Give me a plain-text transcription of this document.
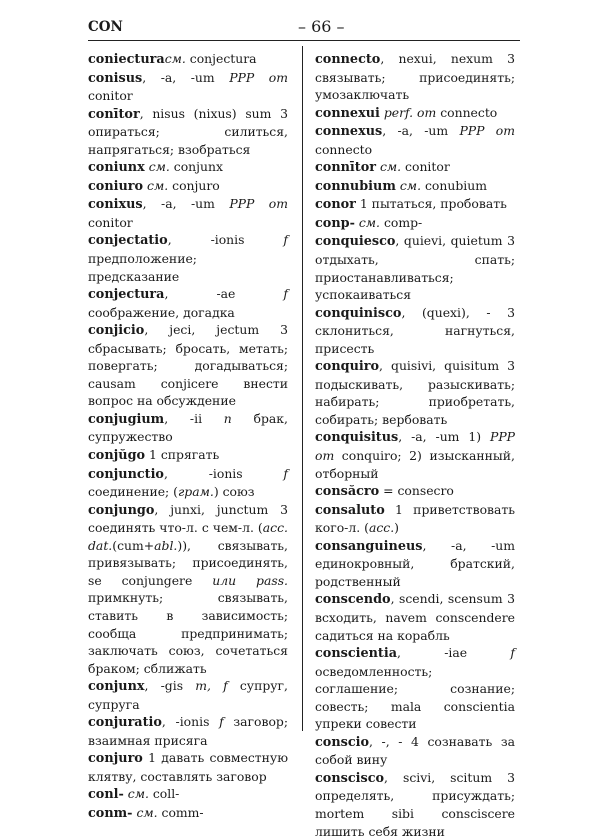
CON	– 66 –

coniecturaсм. conjectura

conisus, -a, -um PPP от conitor

conītor, nisus (nixus) sum 3 опираться; силиться, напрягаться; взобраться

coniunx см. conjunx

coniuro см. conjuro

conixus, -a, -um PPP от conitor

conjectatio, -ionis f предположение; предсказание

conjectura, -ae f соображение, догадка

conjicio, jeci, jectum 3 сбрасывать; бросать, метать; повергать; догадываться; causam conjicere внести вопрос на обсуждение

conjugium, -ii n брак, супружество

conjŭgo 1 спрягать

conjunctio, -ionis f соединение; (грам.) союз

conjungo, junxi, junctum 3 соединять что-л. с чем-л. (acc. dat.(cum+abl.)), связывать, привязывать; присоединять, se conjungere или pass. примкнуть; связывать, ставить в зависимость; сообща предпринимать; заключать союз, сочетаться браком; сближать

conjunx, -gis m, f супруг, супруга

conjuratio, -ionis f заговор; взаимная присяга

conjuro 1 давать совместную клятву, составлять заговор

conl- см. coll-

conm- см. comm-

connecto, nexui, nexum 3 связывать; присоединять; умозаключать

connexui perf. от connecto

connexus, -a, -um PPP от connecto

connītor см. conitor

connubium см. conubium

conor 1 пытаться, пробовать

conp- см. comp-

conquiesco, quievi, quietum 3 отдыхать, спать; приостанавливаться; успокаиваться

conquinisco, (quexi), - 3 склониться, нагнуться, присесть

conquiro, quisivi, quisitum 3 подыскивать, разыскивать; набирать; приобретать, собирать; вербовать

conquisitus, -a, -um 1) PPP от conquiro; 2) изысканный, отборный

consăcro = consecro

consaluto 1 приветствовать кого-л. (acc.)

consanguineus, -a, -um единокровный, братский, родственный

conscendo, scendi, scensum 3 всходить, navem conscendere садиться на корабль

conscientia, -iae f осведомленность; соглашение; сознание; совесть; mala conscientia упреки совести

conscio, -, - 4 сознавать за собой вину

conscisco, scivi, scitum 3 определять, присуждать; mortem sibi consciscere лишить себя жизни
